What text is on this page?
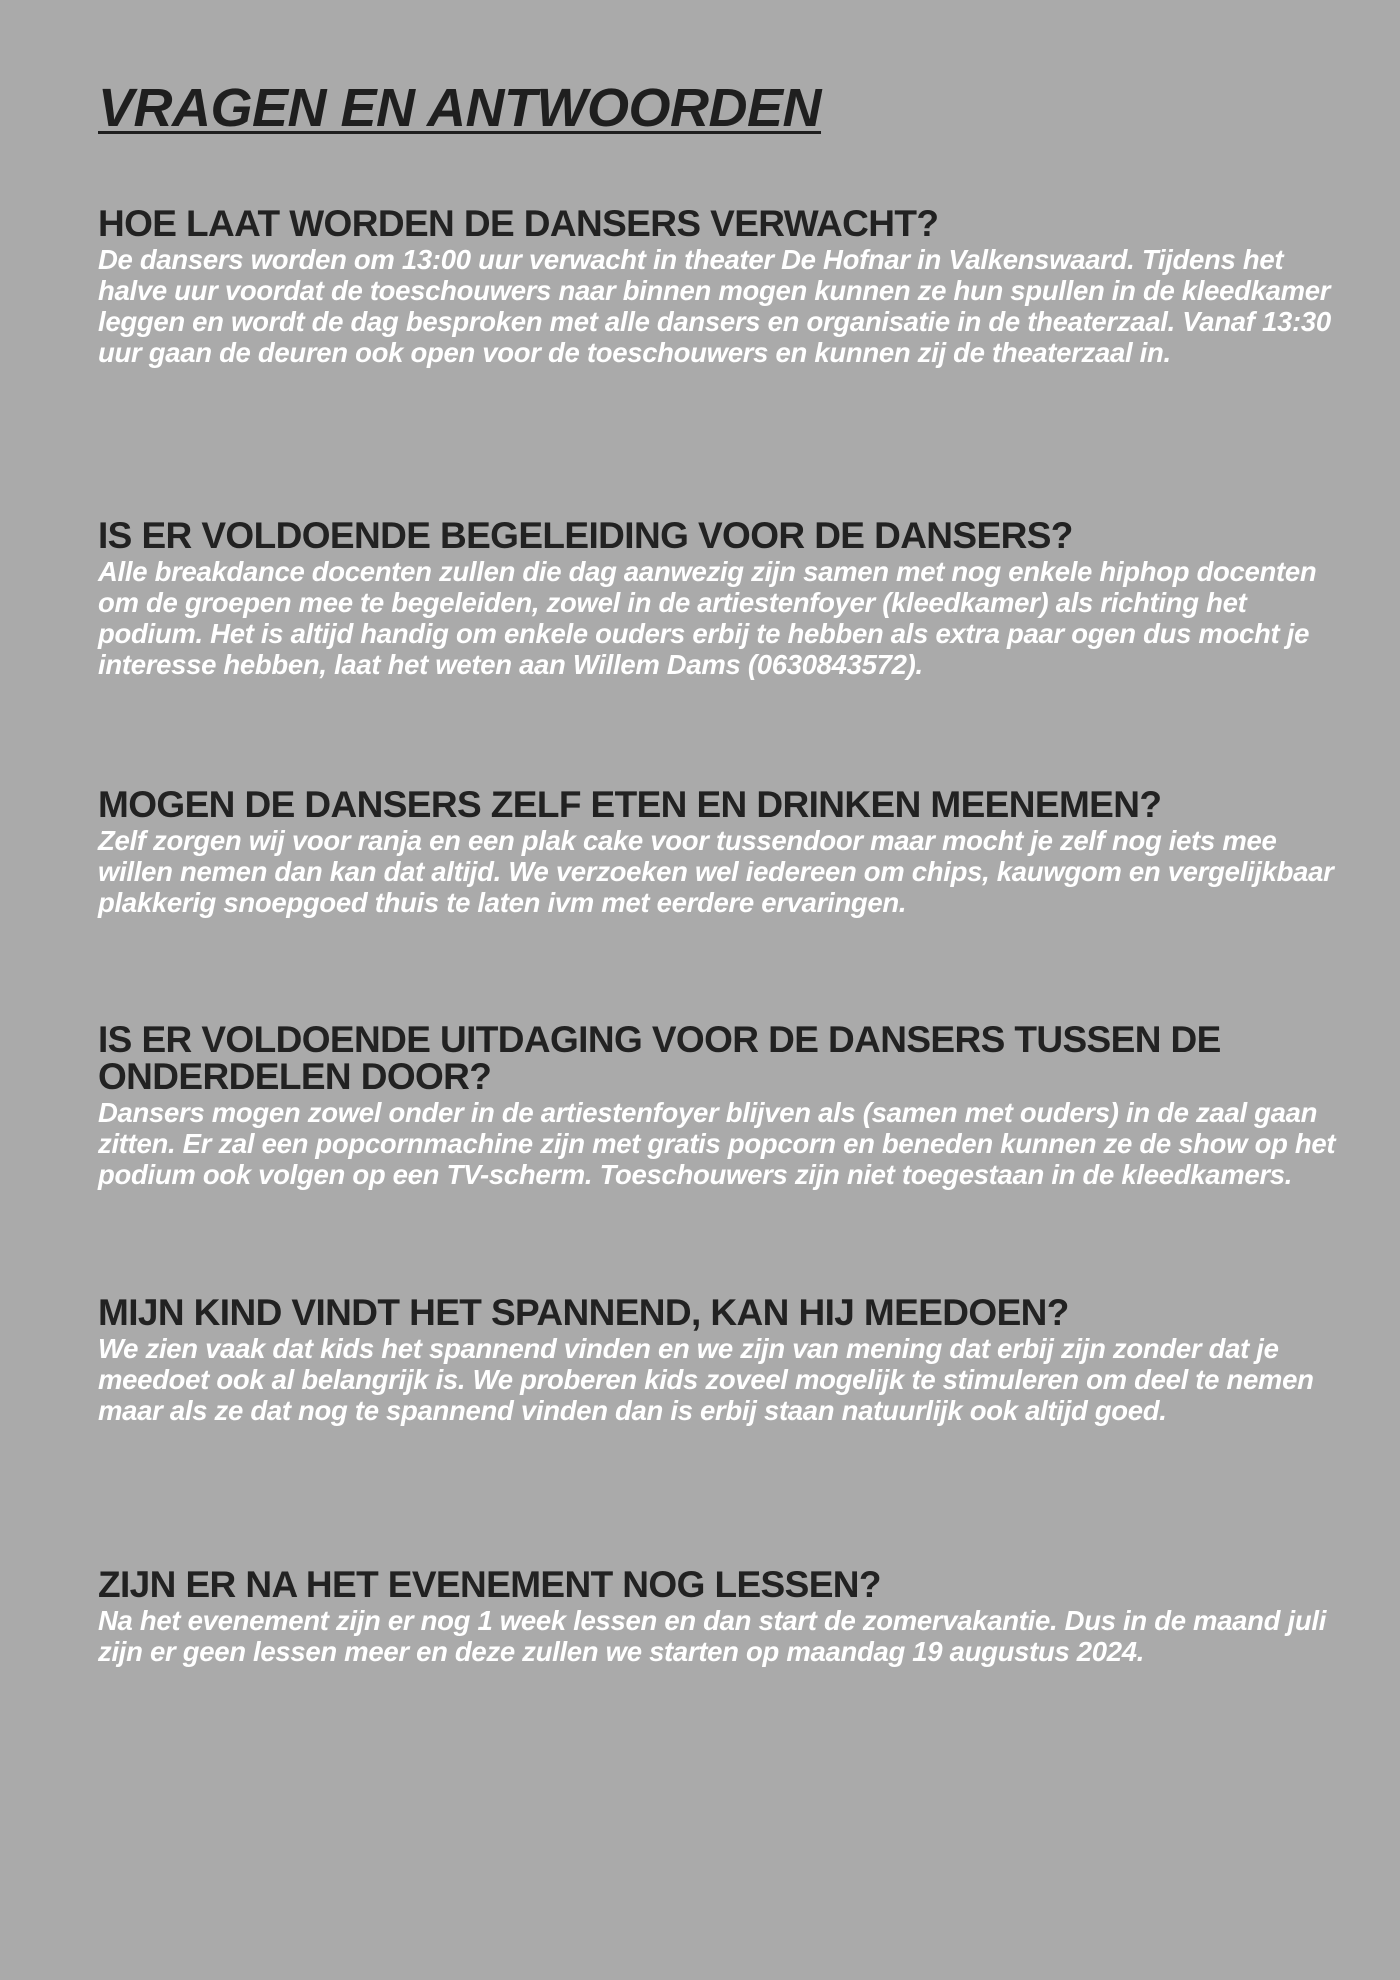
VRAGEN EN ANTWOORDEN
HOE LAAT WORDEN DE DANSERS VERWACHT?

De dansers worden om 13:00 uur verwacht in theater De Hofnar in Valkenswaard. Tijdens het halve uur voordat de toeschouwers naar binnen mogen kunnen ze hun spullen in de kleedkamer leggen en wordt de dag besproken met alle dansers en organisatie in de theaterzaal. Vanaf 13:30 uur gaan de deuren ook open voor de toeschouwers en kunnen zij de theaterzaal in.

IS ER VOLDOENDE BEGELEIDING VOOR DE DANSERS?

Alle breakdance docenten zullen die dag aanwezig zijn samen met nog enkele hiphop docenten om de groepen mee te begeleiden, zowel in de artiestenfoyer (kleedkamer) als richting het podium. Het is altijd handig om enkele ouders erbij te hebben als extra paar ogen dus mocht je interesse hebben, laat het weten aan Willem Dams (0630843572).

MOGEN DE DANSERS ZELF ETEN EN DRINKEN MEENEMEN?

Zelf zorgen wij voor ranja en een plak cake voor tussendoor maar mocht je zelf nog iets mee willen nemen dan kan dat altijd. We verzoeken wel iedereen om chips, kauwgom en vergelijkbaar plakkerig snoepgoed thuis te laten ivm met eerdere ervaringen.

IS ER VOLDOENDE UITDAGING VOOR DE DANSERS TUSSEN DE ONDERDELEN DOOR?

Dansers mogen zowel onder in de artiestenfoyer blijven als (samen met ouders) in de zaal gaan zitten. Er zal een popcornmachine zijn met gratis popcorn en beneden kunnen ze de show op het podium ook volgen op een TV-scherm. Toeschouwers zijn niet toegestaan in de kleedkamers.

MIJN KIND VINDT HET SPANNEND, KAN HIJ MEEDOEN?

We zien vaak dat kids het spannend vinden en we zijn van mening dat erbij zijn zonder dat je meedoet ook al belangrijk is. We proberen kids zoveel mogelijk te stimuleren om deel te nemen maar als ze dat nog te spannend vinden dan is erbij staan natuurlijk ook altijd goed.

ZIJN ER NA HET EVENEMENT NOG LESSEN?

Na het evenement zijn er nog 1 week lessen en dan start de zomervakantie. Dus in de maand juli zijn er geen lessen meer en deze zullen we starten op maandag 19 augustus 2024.
